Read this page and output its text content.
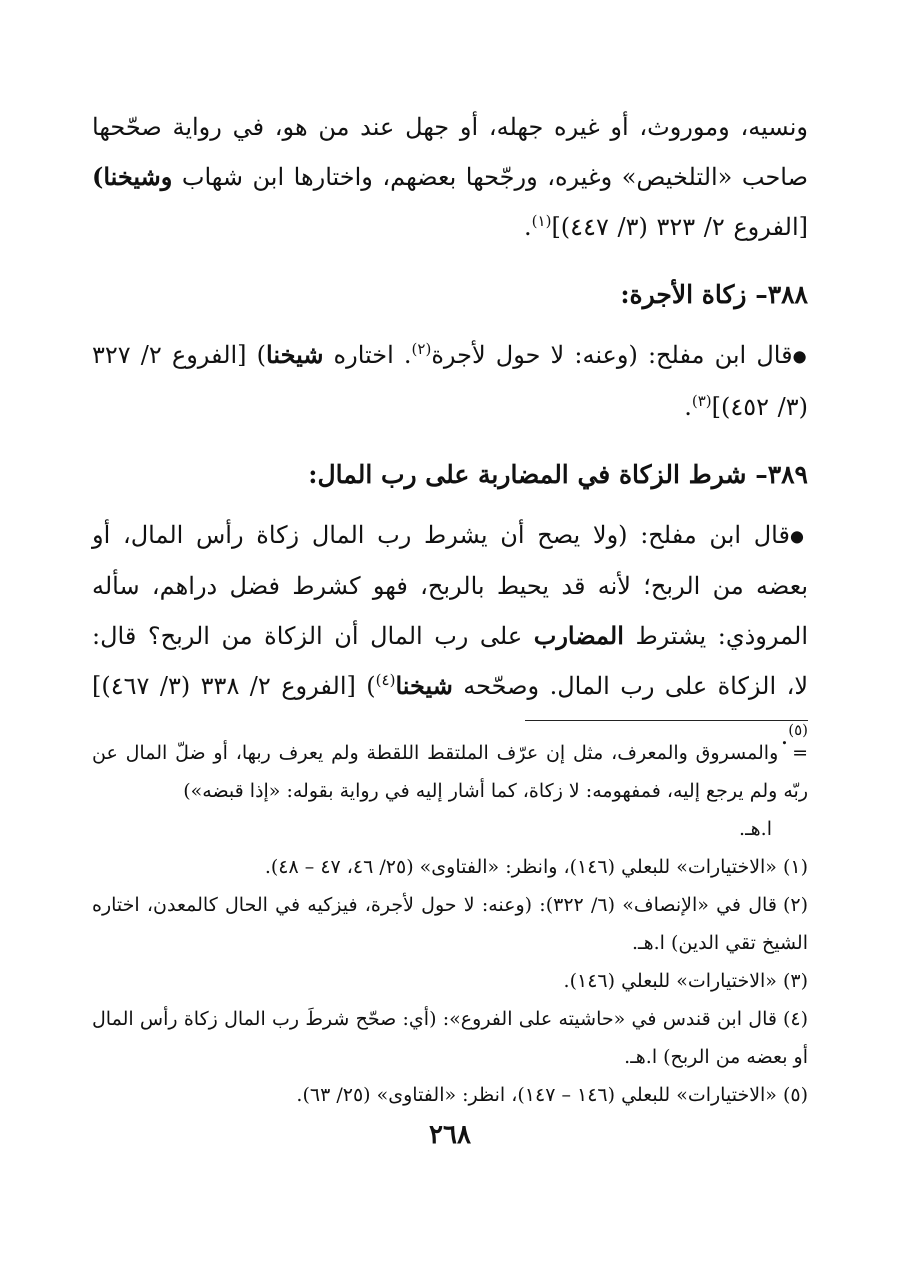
ونسيه، وموروث، أو غيره جهله، أو جهل عند من هو، في رواية صحّحها صاحب «التلخيص» وغيره، ورجّحها بعضهم، واختارها ابن شهاب وشيخنا) [الفروع ٢/ ٣٢٣ (٣/ ٤٤٧)]$^{(١)}$.

٣٨٨– زكاة الأجرة:

●قال ابن مفلح: (وعنه: لا حول لأجرة$^{(٢)}$. اختاره شيخنا) [الفروع ٢/ ٣٢٧ (٣/ ٤٥٢)]$^{(٣)}$.

٣٨٩– شرط الزكاة في المضاربة على رب المال:

●قال ابن مفلح: (ولا يصح أن يشرط رب المال زكاة رأس المال، أو بعضه من الربح؛ لأنه قد يحيط بالربح، فهو كشرط فضل دراهم، سأله المروذي: يشترط المضارب على رب المال أن الزكاة من الربح؟ قال: لا، الزكاة على رب المال. وصحّحه شيخنا$^{(٤)}$) [الفروع ٢/ ٣٣٨ (٣/ ٤٦٧)]$^{(٥)}$.

= والمسروق والمعرف، مثل إن عرّف الملتقط اللقطة ولم يعرف ربها، أو ضلّ المال عن ربّه ولم يرجع إليه، فمفهومه: لا زكاة، كما أشار إليه في رواية بقوله: «إذا قبضه»)

ا.هـ.

(١)«الاختيارات» للبعلي (١٤٦)، وانظر: «الفتاوى» (٢٥/ ٤٦، ٤٧ – ٤٨).

(٢)قال في «الإنصاف» (٦/ ٣٢٢): (وعنه: لا حول لأجرة، فيزكيه في الحال كالمعدن، اختاره الشيخ تقي الدين) ا.هـ.

(٣)«الاختيارات» للبعلي (١٤٦).

(٤)قال ابن قندس في «حاشيته على الفروع»: (أي: صحّح شرطَ رب المال زكاة رأس المال أو بعضه من الربح) ا.هـ.

(٥)«الاختيارات» للبعلي (١٤٦ – ١٤٧)، انظر: «الفتاوى» (٢٥/ ٦٣).

٢٦٨
